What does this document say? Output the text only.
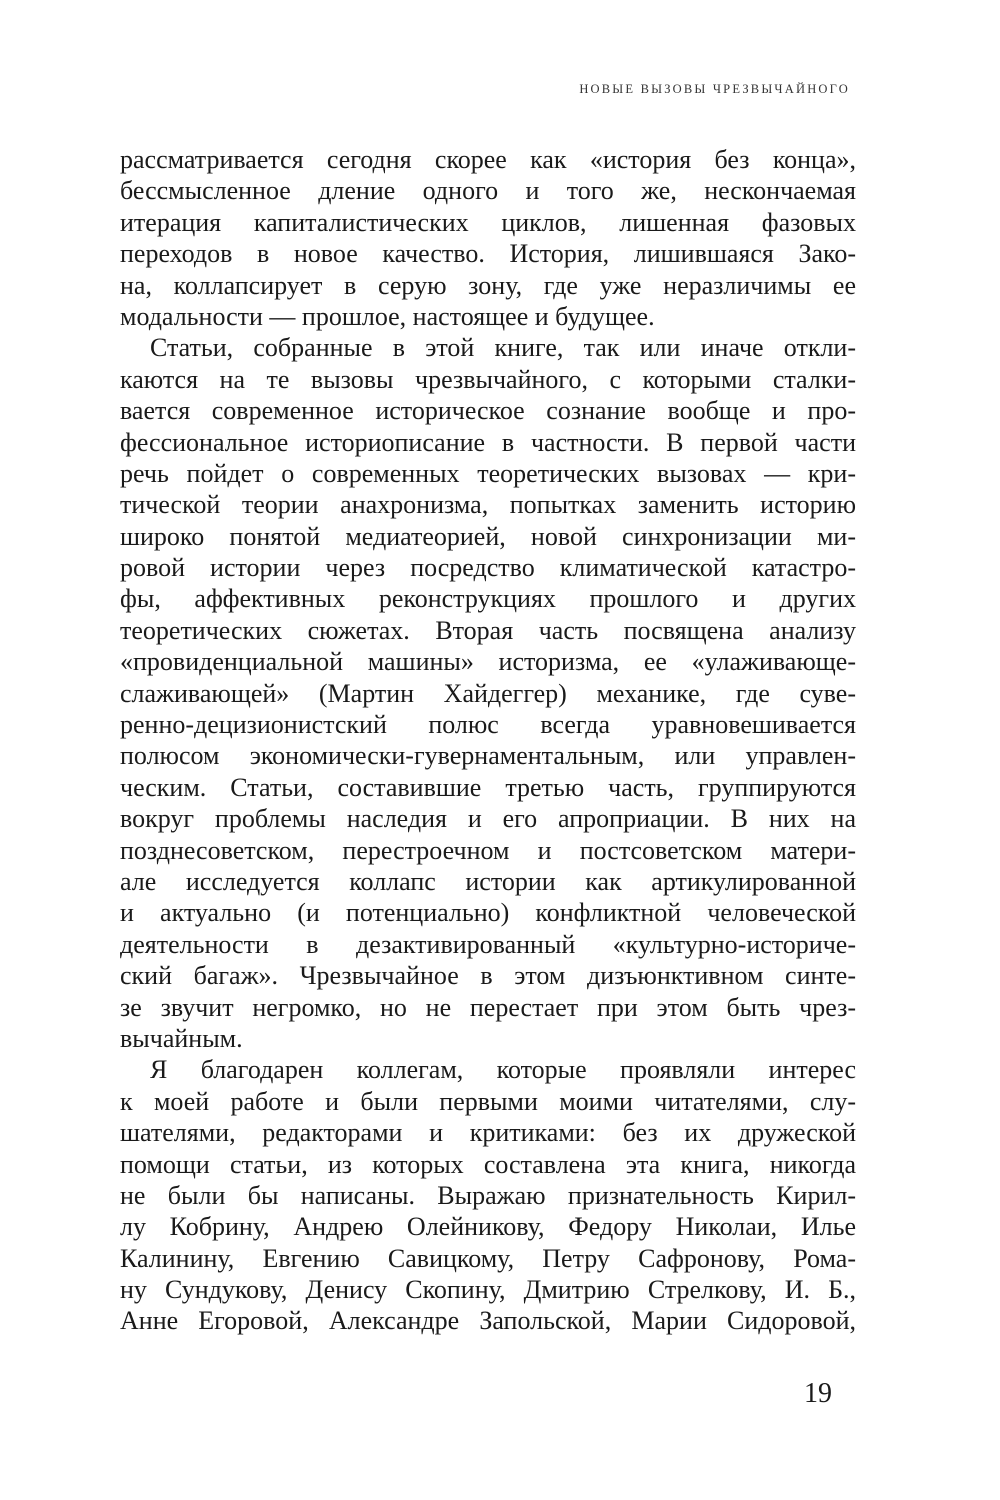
НОВЫЕ ВЫЗОВЫ ЧРЕЗВЫЧАЙНОГО
рассматривается сегодня скорее как «история без конца»,
бессмысленное дление одного и того же, нескончаемая
итерация капиталистических циклов, лишенная фазовых
переходов в новое качество. История, лишившаяся Зако-
на, коллапсирует в серую зону, где уже неразличимы ее
модальности — прошлое, настоящее и будущее.
Статьи, собранные в этой книге, так или иначе откли-
каются на те вызовы чрезвычайного, с которыми сталки-
вается современное историческое сознание вообще и про-
фессиональное историописание в частности. В первой части
речь пойдет о современных теоретических вызовах — кри-
тической теории анахронизма, попытках заменить историю
широко понятой медиатеорией, новой синхронизации ми-
ровой истории через посредство климатической катастро-
фы, аффективных реконструкциях прошлого и других
теоретических сюжетах. Вторая часть посвящена анализу
«провиденциальной машины» историзма, ее «улаживающе-
слаживающей» (Мартин Хайдеггер) механике, где суве-
ренно-децизионистский полюс всегда уравновешивается
полюсом экономически-гувернаментальным, или управлен-
ческим. Статьи, составившие третью часть, группируются
вокруг проблемы наследия и его апроприации. В них на
позднесоветском, перестроечном и постсоветском матери-
але исследуется коллапс истории как артикулированной
и актуально (и потенциально) конфликтной человеческой
деятельности в дезактивированный «культурно-историче-
ский багаж». Чрезвычайное в этом дизъюнктивном синте-
зе звучит негромко, но не перестает при этом быть чрез-
вычайным.
Я благодарен коллегам, которые проявляли интерес
к моей работе и были первыми моими читателями, слу-
шателями, редакторами и критиками: без их дружеской
помощи статьи, из которых составлена эта книга, никогда
не были бы написаны. Выражаю признательность Кирил-
лу Кобрину, Андрею Олейникову, Федору Николаи, Илье
Калинину, Евгению Савицкому, Петру Сафронову, Рома-
ну Сундукову, Денису Скопину, Дмитрию Стрелкову, И. Б.,
Анне Егоровой, Александре Запольской, Марии Сидоровой,
19
